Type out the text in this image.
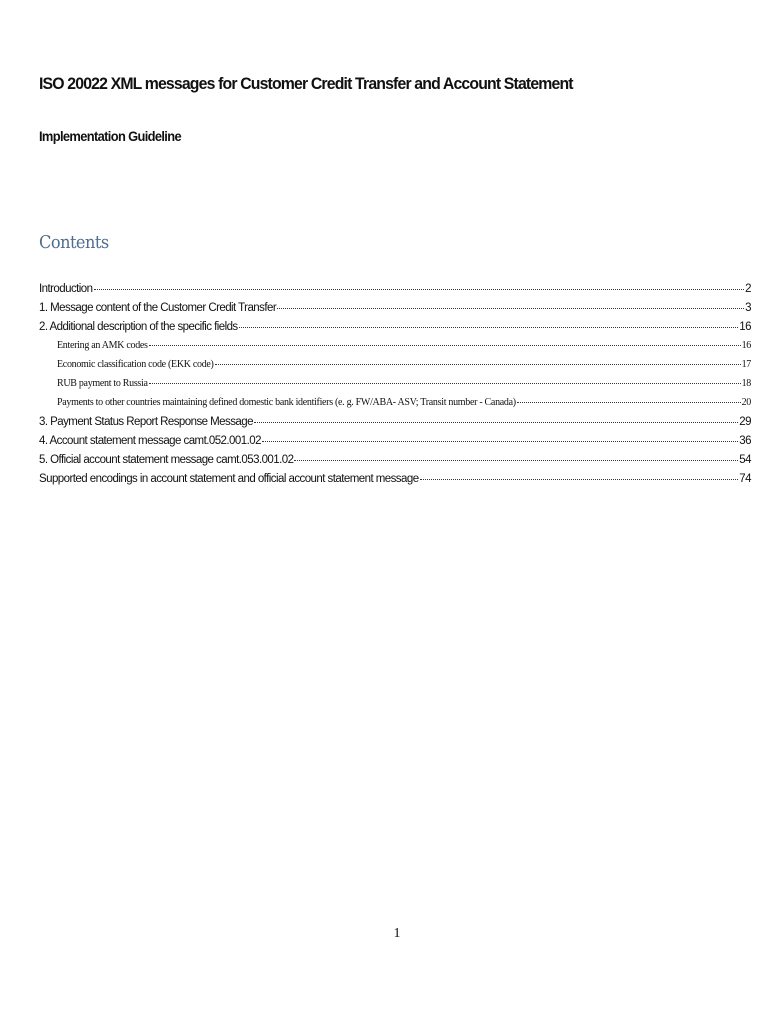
ISO 20022 XML messages for Customer Credit Transfer and Account Statement
Implementation Guideline
Contents
Introduction	2
1. Message content of the Customer Credit Transfer	3
2. Additional description of the specific fields	16
Entering an AMK codes	16
Economic classification code (EKK code)	17
RUB payment to Russia	18
Payments to other countries maintaining defined domestic bank identifiers (e. g. FW/ABA- ASV; Transit number - Canada)	20
3. Payment Status Report Response Message	29
4. Account statement message camt.052.001.02	36
5. Official account statement message camt.053.001.02	54
Supported encodings in account statement and official account statement message	74
1
